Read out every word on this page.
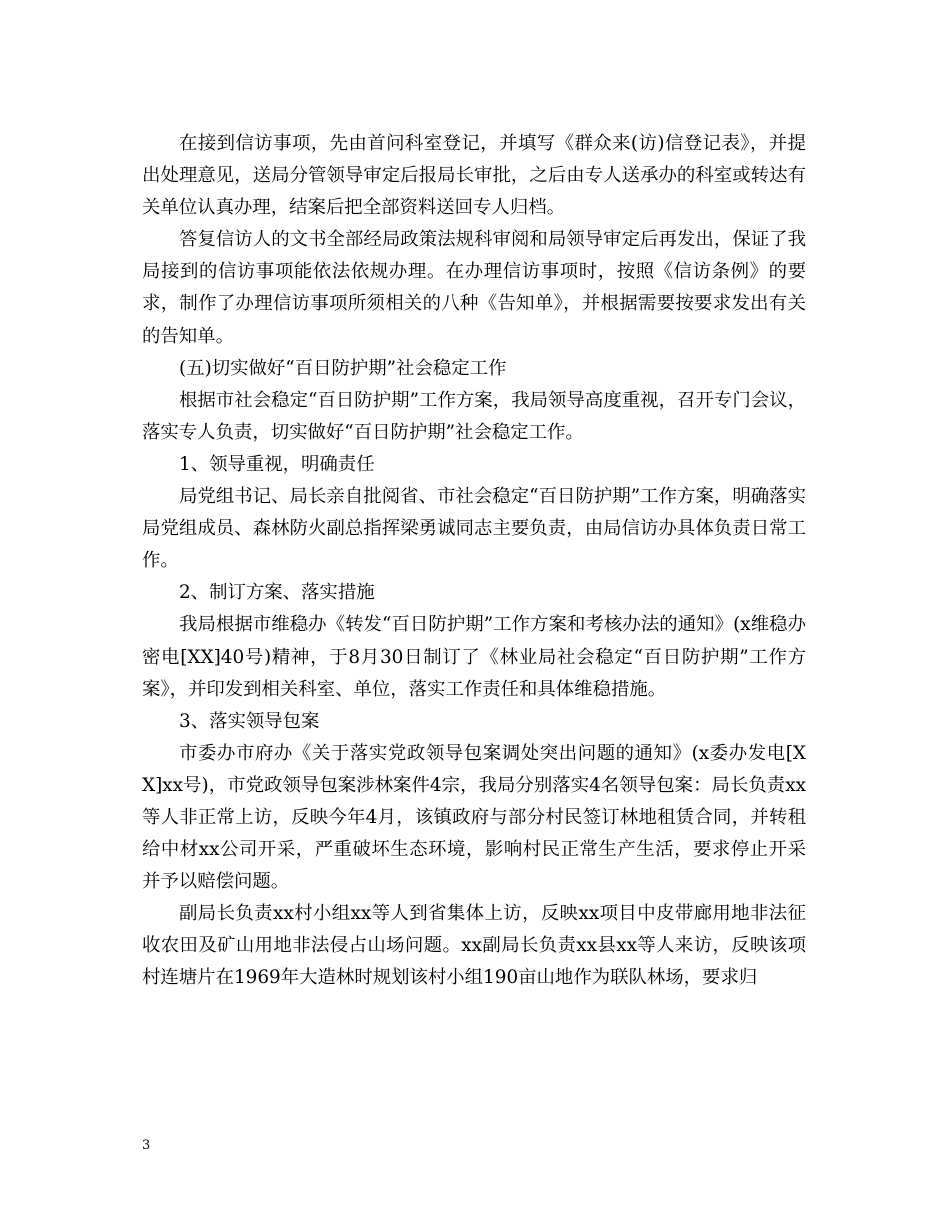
在接到信访事项，先由首问科室登记，并填写《群众来(访)信登记表》，并提出处理意见，送局分管领导审定后报局长审批，之后由专人送承办的科室或转达有关单位认真办理，结案后把全部资料送回专人归档。

答复信访人的文书全部经局政策法规科审阅和局领导审定后再发出，保证了我局接到的信访事项能依法依规办理。在办理信访事项时，按照《信访条例》的要求，制作了办理信访事项所须相关的八种《告知单》，并根据需要按要求发出有关的告知单。

(五)切实做好“百日防护期”社会稳定工作

根据市社会稳定“百日防护期”工作方案，我局领导高度重视，召开专门会议，落实专人负责，切实做好“百日防护期”社会稳定工作。

1、领导重视，明确责任

局党组书记、局长亲自批阅省、市社会稳定“百日防护期”工作方案，明确落实局党组成员、森林防火副总指挥梁勇诚同志主要负责，由局信访办具体负责日常工作。

2、制订方案、落实措施

我局根据市维稳办《转发“百日防护期”工作方案和考核办法的通知》(x维稳办密电[XX]40号)精神，于8月30日制订了《林业局社会稳定“百日防护期”工作方案》，并印发到相关科室、单位，落实工作责任和具体维稳措施。

3、落实领导包案

市委办市府办《关于落实党政领导包案调处突出问题的通知》(x委办发电[XX]xx号)，市党政领导包案涉林案件4宗，我局分别落实4名领导包案：局长负责xx等人非正常上访，反映今年4月，该镇政府与部分村民签订林地租赁合同，并转租给中材xx公司开采，严重破坏生态环境，影响村民正常生产生活，要求停止开采并予以赔偿问题。

副局长负责xx村小组xx等人到省集体上访，反映xx项目中皮带廊用地非法征收农田及矿山用地非法侵占山场问题。xx副局长负责xx县xx等人来访，反映该项村连塘片在1969年大造林时规划该村小组190亩山地作为联队林场，要求归

3
